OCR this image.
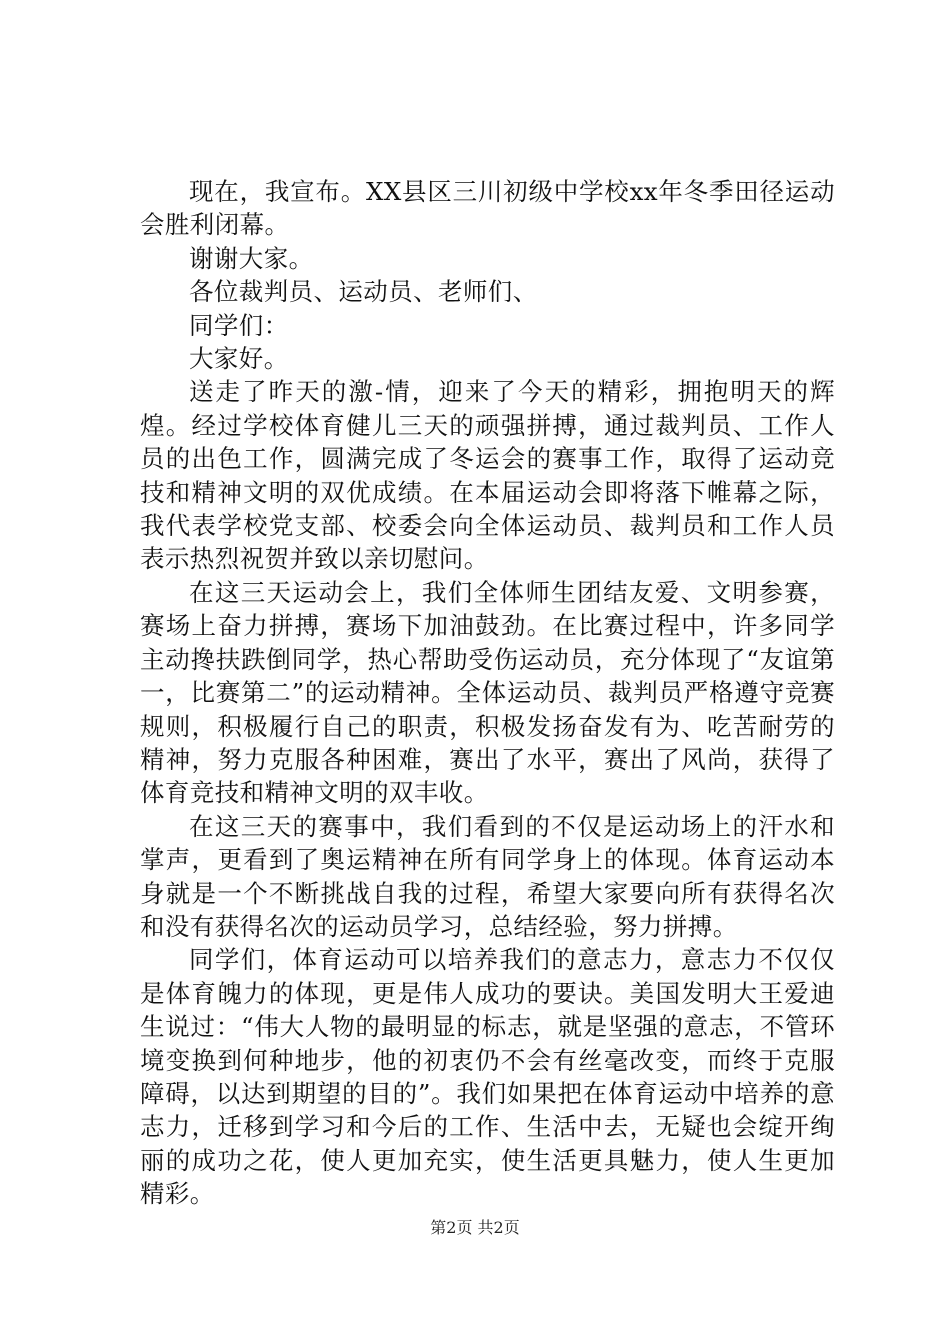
现在，我宣布。XX县区三川初级中学校xx年冬季田径运动会胜利闭幕。

谢谢大家。

各位裁判员、运动员、老师们、

同学们：

大家好。

送走了昨天的激-情，迎来了今天的精彩，拥抱明天的辉煌。经过学校体育健儿三天的顽强拼搏，通过裁判员、工作人员的出色工作，圆满完成了冬运会的赛事工作，取得了运动竞技和精神文明的双优成绩。在本届运动会即将落下帷幕之际，我代表学校党支部、校委会向全体运动员、裁判员和工作人员表示热烈祝贺并致以亲切慰问。

在这三天运动会上，我们全体师生团结友爱、文明参赛，赛场上奋力拼搏，赛场下加油鼓劲。在比赛过程中，许多同学主动搀扶跌倒同学，热心帮助受伤运动员，充分体现了“友谊第一，比赛第二”的运动精神。全体运动员、裁判员严格遵守竞赛规则，积极履行自己的职责，积极发扬奋发有为、吃苦耐劳的精神，努力克服各种困难，赛出了水平，赛出了风尚，获得了体育竞技和精神文明的双丰收。

在这三天的赛事中，我们看到的不仅是运动场上的汗水和掌声，更看到了奥运精神在所有同学身上的体现。体育运动本身就是一个不断挑战自我的过程，希望大家要向所有获得名次和没有获得名次的运动员学习，总结经验，努力拼搏。

同学们，体育运动可以培养我们的意志力，意志力不仅仅是体育魄力的体现，更是伟人成功的要诀。美国发明大王爱迪生说过：“伟大人物的最明显的标志，就是坚强的意志，不管环境变换到何种地步，他的初衷仍不会有丝毫改变，而终于克服障碍，以达到期望的目的”。我们如果把在体育运动中培养的意志力，迁移到学习和今后的工作、生活中去，无疑也会绽开绚丽的成功之花，使人更加充实，使生活更具魅力，使人生更加精彩。

第2页 共2页
